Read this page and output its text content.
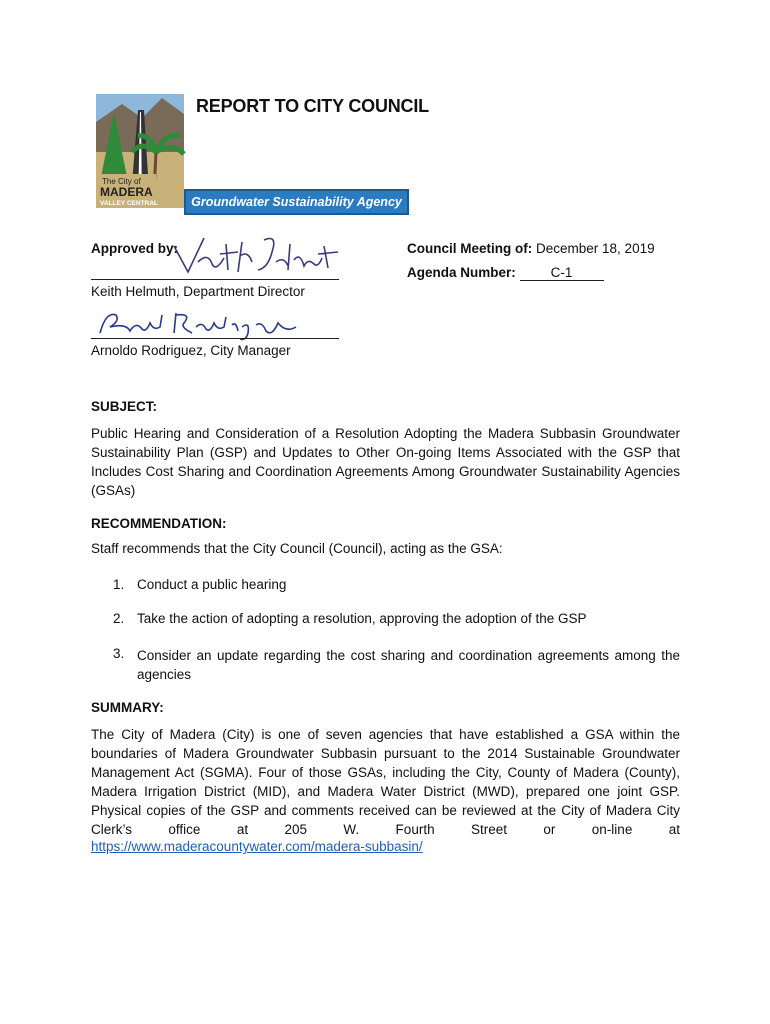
The City of
MADERA
VALLEY CENTRAL
REPORT TO CITY COUNCIL
Groundwater Sustainability Agency
Approved by:
Keith Helmuth, Department Director
Arnoldo Rodriguez, City Manager
Council Meeting of: December 18, 2019
Agenda Number:	C-1
SUBJECT:
Public Hearing and Consideration of a Resolution Adopting the Madera Subbasin Groundwater Sustainability Plan (GSP) and Updates to Other On-going Items Associated with the GSP that Includes Cost Sharing and Coordination Agreements Among Groundwater Sustainability Agencies (GSAs)
RECOMMENDATION:
Staff recommends that the City Council (Council), acting as the GSA:
1. Conduct a public hearing
2. Take the action of adopting a resolution, approving the adoption of the GSP
3. Consider an update regarding the cost sharing and coordination agreements among the agencies
SUMMARY:
The City of Madera (City) is one of seven agencies that have established a GSA within the boundaries of Madera Groundwater Subbasin pursuant to the 2014 Sustainable Groundwater Management Act (SGMA). Four of those GSAs, including the City, County of Madera (County), Madera Irrigation District (MID), and Madera Water District (MWD), prepared one joint GSP. Physical copies of the GSP and comments received can be reviewed at the City of Madera City Clerk’s office at 205 W. Fourth Street or on-line at
https://www.maderacountywater.com/madera-subbasin/
